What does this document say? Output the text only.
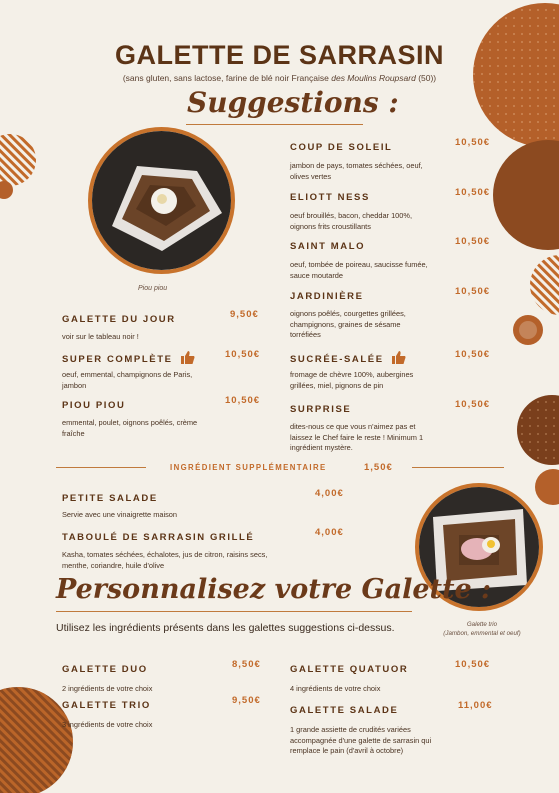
GALETTE DE SARRASIN
(sans gluten, sans lactose, farine de blé noir Française des Moulins Roupsard (50))
Suggestions :
Piou piou
GALETTE DU JOUR	9,50€
voir sur le tableau noir !
SUPER COMPLÈTE	10,50€
oeuf, emmental, champignons de Paris, jambon
PIOU PIOU	10,50€
emmental, poulet, oignons poêlés, crème fraîche
COUP DE SOLEIL	10,50€
jambon de pays, tomates séchées, oeuf, olives vertes
ELIOTT NESS	10,50€
oeuf brouillés, bacon, cheddar 100%, oignons frits croustillants
SAINT MALO	10,50€
oeuf, tombée de poireau, saucisse fumée, sauce moutarde
JARDINIÈRE	10,50€
oignons poêlés, courgettes grillées, champignons, graines de sésame torréfiées
SUCRÉE-SALÉE	10,50€
fromage de chèvre 100%, aubergines grillées, miel, pignons de pin
SURPRISE	10,50€
dites-nous ce que vous n'aimez pas et laissez le Chef faire le reste ! Minimum 1 ingrédient mystère.
INGRÉDIENT SUPPLÉMENTAIRE	1,50€
PETITE SALADE	4,00€
Servie avec une vinaigrette maison
TABOULÉ DE SARRASIN GRILLÉ	4,00€
Kasha, tomates séchées, échalotes, jus de citron, raisins secs, menthe, coriandre, huile d'olive
Galette trio
(Jambon, emmental et oeuf)
Personnalisez votre Galette :
Utilisez les ingrédients présents dans les galettes suggestions ci-dessus.
GALETTE DUO	8,50€
2 ingrédients de votre choix
GALETTE TRIO	9,50€
3 ingrédients de votre choix
GALETTE QUATUOR	10,50€
4 ingrédients de votre choix
GALETTE SALADE	11,00€
1 grande assiette de crudités variées accompagnée d'une galette de sarrasin qui remplace le pain (d'avril à octobre)
